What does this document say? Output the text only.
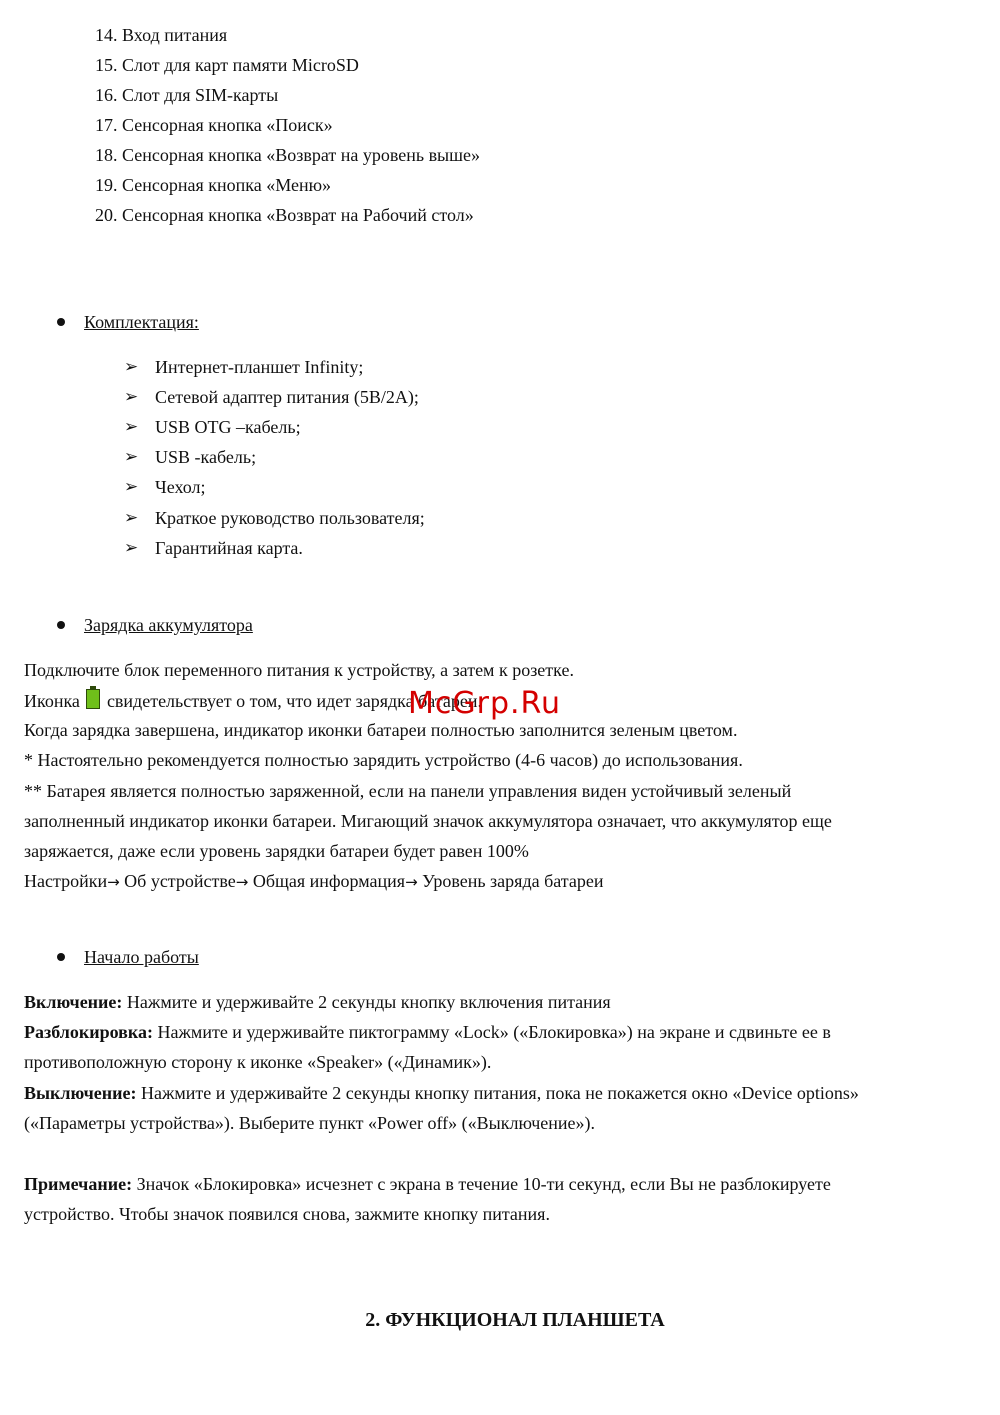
14. Вход питания
15. Слот для карт памяти MicroSD
16. Слот для SIM-карты
17. Сенсорная кнопка «Поиск»
18. Сенсорная кнопка «Возврат на уровень выше»
19. Сенсорная кнопка «Меню»
20. Сенсорная кнопка «Возврат на Рабочий стол»
Комплектация:
➢ Интернет-планшет Infinity;
➢ Сетевой адаптер питания (5В/2А);
➢ USB OTG –кабель;
➢ USB -кабель;
➢ Чехол;
➢ Краткое руководство пользователя;
➢ Гарантийная карта.
Зарядка аккумулятора
Подключите блок переменного питания к устройству, а затем к розетке.
Иконка свидетельствует о том, что идет зарядка батареи.
Когда зарядка завершена, индикатор иконки батареи полностью заполнится зеленым цветом.
* Настоятельно рекомендуется полностью зарядить устройство (4-6 часов) до использования.
** Батарея является полностью заряженной, если на панели управления виден устойчивый зеленый
заполненный индикатор иконки батареи. Мигающий значок аккумулятора означает, что аккумулятор еще
заряжается, даже если уровень зарядки батареи будет равен 100%
Настройки→ Об устройстве→ Общая информация→ Уровень заряда батареи
Начало работы
Включение: Нажмите и удерживайте 2 секунды кнопку включения питания
Разблокировка: Нажмите и удерживайте пиктограмму «Lock» («Блокировка») на экране и сдвиньте ее в
противоположную сторону к иконке «Speaker» («Динамик»).
Выключение: Нажмите и удерживайте 2 секунды кнопку питания, пока не покажется окно «Device options»
(«Параметры устройства»). Выберите пункт «Power off» («Выключение»).
Примечание: Значок «Блокировка» исчезнет с экрана в течение 10-ти секунд, если Вы не разблокируете
устройство. Чтобы значок появился снова, зажмите кнопку питания.
2. ФУНКЦИОНАЛ ПЛАНШЕТА
McGrp.Ru
